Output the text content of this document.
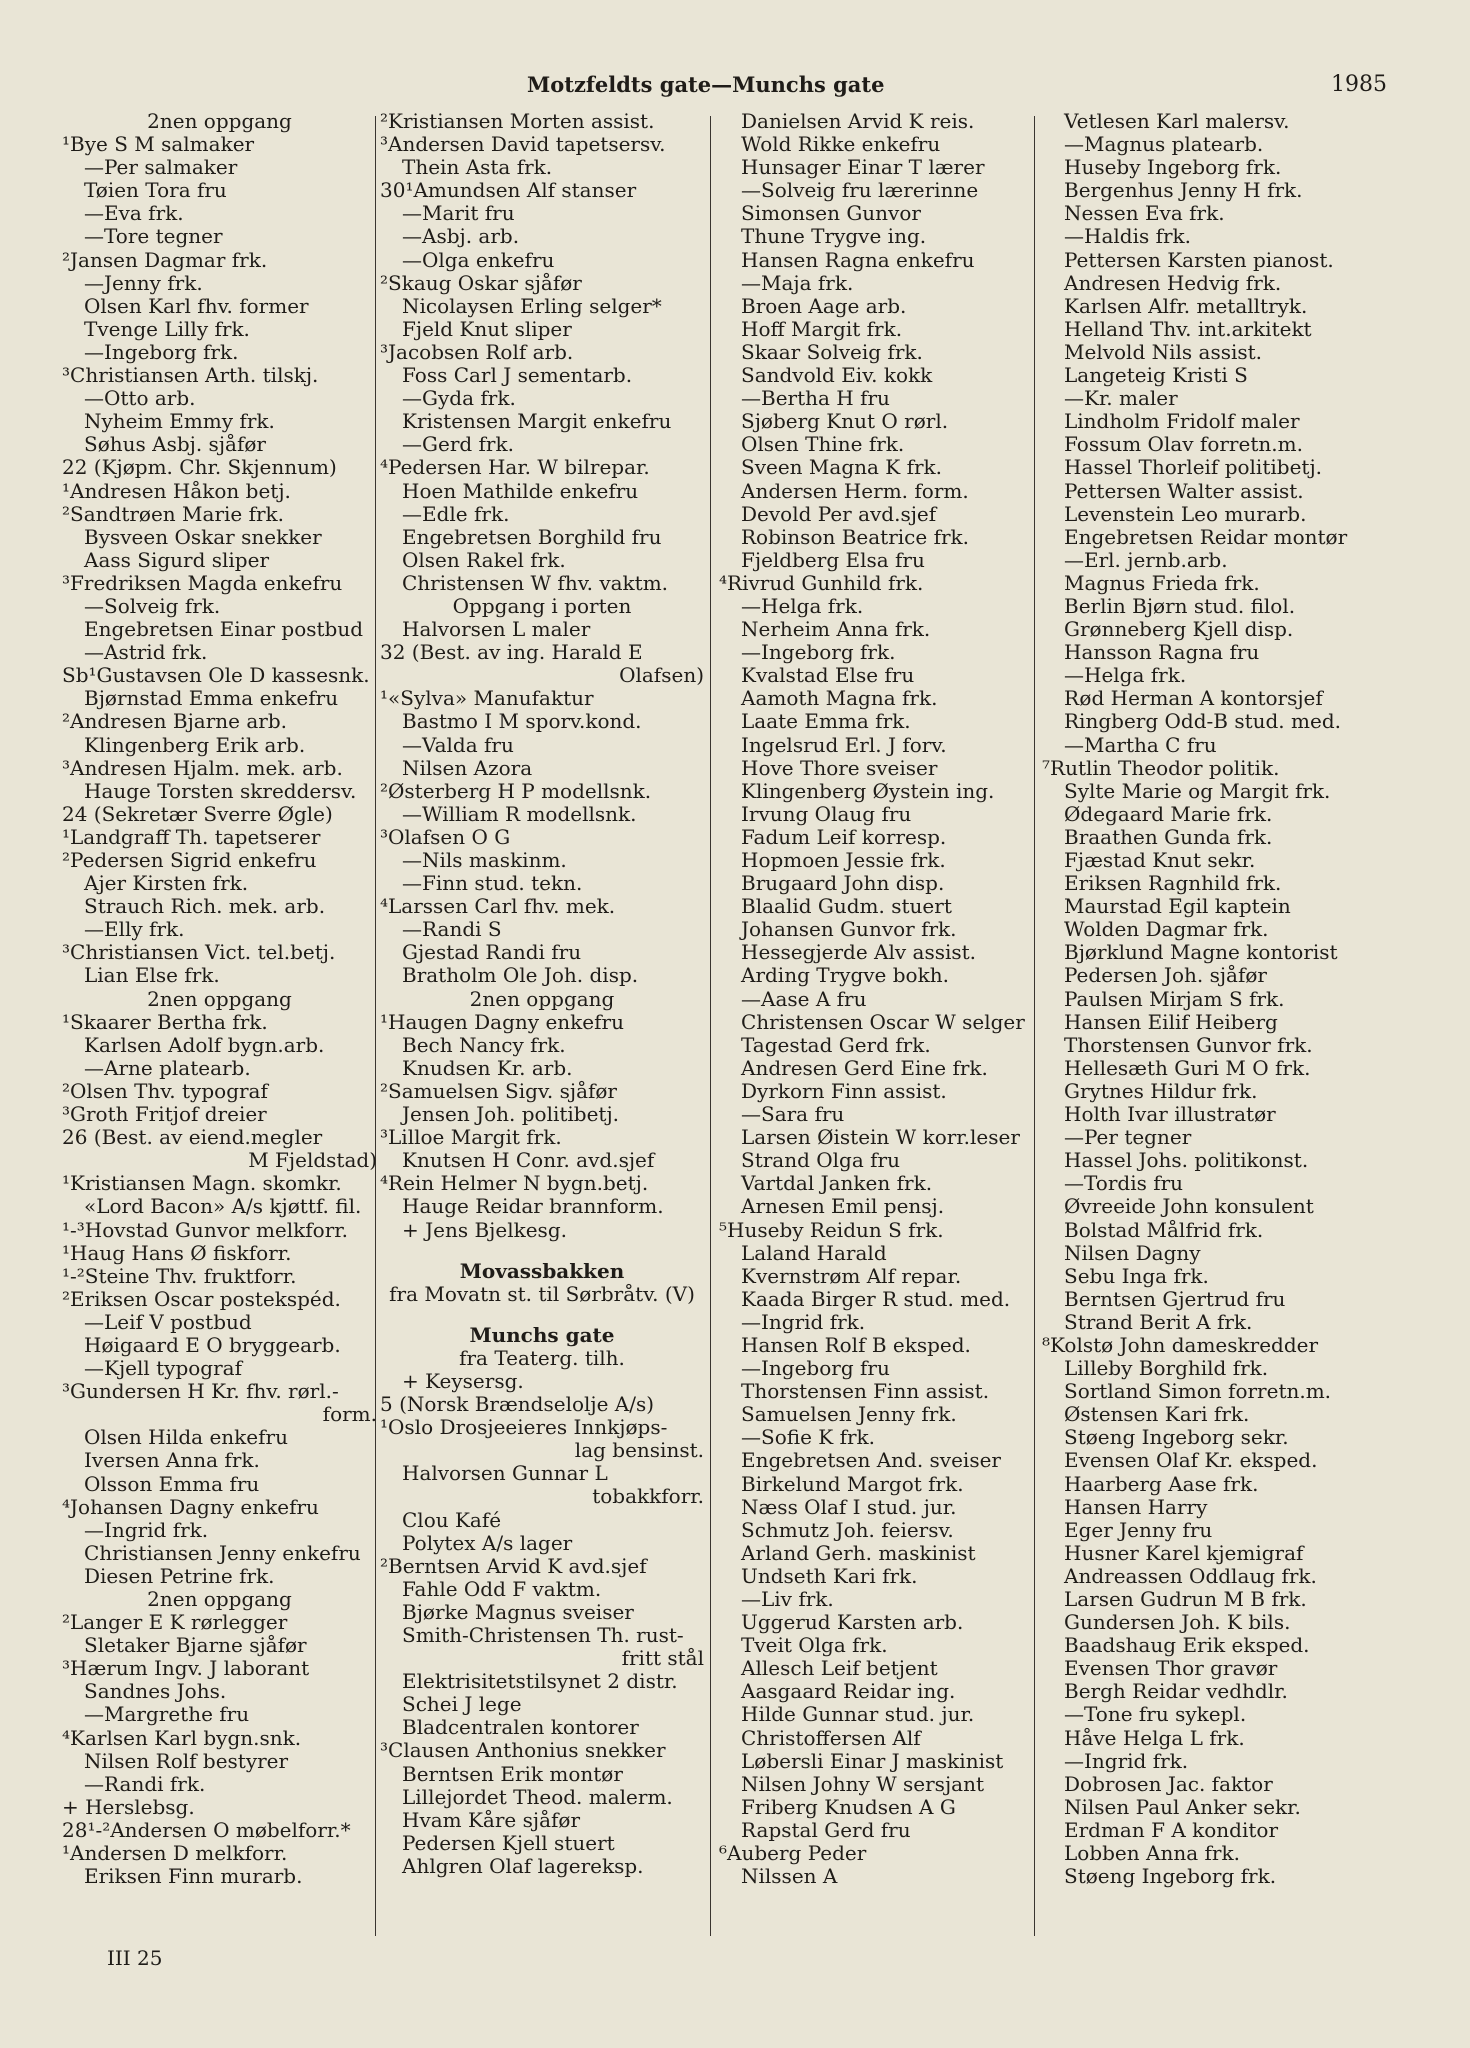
Motzfeldts gate—Munchs gate	1985
2nen oppgang
¹Bye S M salmaker
—Per salmaker
Tøien Tora fru
—Eva frk.
—Tore tegner
²Jansen Dagmar frk.
—Jenny frk.
Olsen Karl fhv. former
Tvenge Lilly frk.
—Ingeborg frk.
³Christiansen Arth. tilskj.
—Otto arb.
Nyheim Emmy frk.
Søhus Asbj. sjåfør
22 (Kjøpm. Chr. Skjennum)
¹Andresen Håkon betj.
²Sandtrøen Marie frk.
Bysveen Oskar snekker
Aass Sigurd sliper
³Fredriksen Magda enkefru
—Solveig frk.
Engebretsen Einar postbud
—Astrid frk.
Sb¹Gustavsen Ole D kassesnk.
Bjørnstad Emma enkefru
²Andresen Bjarne arb.
Klingenberg Erik arb.
³Andresen Hjalm. mek. arb.
Hauge Torsten skreddersv.
24 (Sekretær Sverre Øgle)
¹Landgraff Th. tapetserer
²Pedersen Sigrid enkefru
Ajer Kirsten frk.
Strauch Rich. mek. arb.
—Elly frk.
³Christiansen Vict. tel.betj.
Lian Else frk.
2nen oppgang
¹Skaarer Bertha frk.
Karlsen Adolf bygn.arb.
—Arne platearb.
²Olsen Thv. typograf
³Groth Fritjof dreier
26 (Best. av eiend.megler
M Fjeldstad)
¹Kristiansen Magn. skomkr.
«Lord Bacon» A/s kjøttf. fil.
¹-³Hovstad Gunvor melkforr.
¹Haug Hans Ø fiskforr.
¹-²Steine Thv. fruktforr.
²Eriksen Oscar postekspéd.
—Leif V postbud
Høigaard E O bryggearb.
—Kjell typograf
³Gundersen H Kr. fhv. rørl.-
form.
Olsen Hilda enkefru
Iversen Anna frk.
Olsson Emma fru
⁴Johansen Dagny enkefru
—Ingrid frk.
Christiansen Jenny enkefru
Diesen Petrine frk.
2nen oppgang
²Langer E K rørlegger
Sletaker Bjarne sjåfør
³Hærum Ingv. J laborant
Sandnes Johs.
—Margrethe fru
⁴Karlsen Karl bygn.snk.
Nilsen Rolf bestyrer
—Randi frk.
+ Herslebsg.
28¹-²Andersen O møbelforr.*
¹Andersen D melkforr.
Eriksen Finn murarb.
²Kristiansen Morten assist.
³Andersen David tapetsersv.
Thein Asta frk.
30¹Amundsen Alf stanser
—Marit fru
—Asbj. arb.
—Olga enkefru
²Skaug Oskar sjåfør
Nicolaysen Erling selger*
Fjeld Knut sliper
³Jacobsen Rolf arb.
Foss Carl J sementarb.
—Gyda frk.
Kristensen Margit enkefru
—Gerd frk.
⁴Pedersen Har. W bilrepar.
Hoen Mathilde enkefru
—Edle frk.
Engebretsen Borghild fru
Olsen Rakel frk.
Christensen W fhv. vaktm.
Oppgang i porten
Halvorsen L maler
32 (Best. av ing. Harald E
Olafsen)
¹«Sylva» Manufaktur
Bastmo I M sporv.kond.
—Valda fru
Nilsen Azora
²Østerberg H P modellsnk.
—William R modellsnk.
³Olafsen O G
—Nils maskinm.
—Finn stud. tekn.
⁴Larssen Carl fhv. mek.
—Randi S
Gjestad Randi fru
Bratholm Ole Joh. disp.
2nen oppgang
¹Haugen Dagny enkefru
Bech Nancy frk.
Knudsen Kr. arb.
²Samuelsen Sigv. sjåfør
Jensen Joh. politibetj.
³Lilloe Margit frk.
Knutsen H Conr. avd.sjef
⁴Rein Helmer N bygn.betj.
Hauge Reidar brannform.
+ Jens Bjelkesg.
Movassbakken
fra Movatn st. til Sørbråtv. (V)
Munchs gate
fra Teaterg. tilh.
+ Keysersg.
5 (Norsk Brændselolje A/s)
¹Oslo Drosjeeieres Innkjøps-
lag bensinst.
Halvorsen Gunnar L
tobakkforr.
Clou Kafé
Polytex A/s lager
²Berntsen Arvid K avd.sjef
Fahle Odd F vaktm.
Bjørke Magnus sveiser
Smith-Christensen Th. rust-
fritt stål
Elektrisitetstilsynet 2 distr.
Schei J lege
Bladcentralen kontorer
³Clausen Anthonius snekker
Berntsen Erik montør
Lillejordet Theod. malerm.
Hvam Kåre sjåfør
Pedersen Kjell stuert
Ahlgren Olaf lagereksp.
Danielsen Arvid K reis.
Wold Rikke enkefru
Hunsager Einar T lærer
—Solveig fru lærerinne
Simonsen Gunvor
Thune Trygve ing.
Hansen Ragna enkefru
—Maja frk.
Broen Aage arb.
Hoff Margit frk.
Skaar Solveig frk.
Sandvold Eiv. kokk
—Bertha H fru
Sjøberg Knut O rørl.
Olsen Thine frk.
Sveen Magna K frk.
Andersen Herm. form.
Devold Per avd.sjef
Robinson Beatrice frk.
Fjeldberg Elsa fru
⁴Rivrud Gunhild frk.
—Helga frk.
Nerheim Anna frk.
—Ingeborg frk.
Kvalstad Else fru
Aamoth Magna frk.
Laate Emma frk.
Ingelsrud Erl. J forv.
Hove Thore sveiser
Klingenberg Øystein ing.
Irvung Olaug fru
Fadum Leif korresp.
Hopmoen Jessie frk.
Brugaard John disp.
Blaalid Gudm. stuert
Johansen Gunvor frk.
Hessegjerde Alv assist.
Arding Trygve bokh.
—Aase A fru
Christensen Oscar W selger
Tagestad Gerd frk.
Andresen Gerd Eine frk.
Dyrkorn Finn assist.
—Sara fru
Larsen Øistein W korr.leser
Strand Olga fru
Vartdal Janken frk.
Arnesen Emil pensj.
⁵Huseby Reidun S frk.
Laland Harald
Kvernstrøm Alf repar.
Kaada Birger R stud. med.
—Ingrid frk.
Hansen Rolf B eksped.
—Ingeborg fru
Thorstensen Finn assist.
Samuelsen Jenny frk.
—Sofie K frk.
Engebretsen And. sveiser
Birkelund Margot frk.
Næss Olaf I stud. jur.
Schmutz Joh. feiersv.
Arland Gerh. maskinist
Undseth Kari frk.
—Liv frk.
Uggerud Karsten arb.
Tveit Olga frk.
Allesch Leif betjent
Aasgaard Reidar ing.
Hilde Gunnar stud. jur.
Christoffersen Alf
Løbersli Einar J maskinist
Nilsen Johny W sersjant
Friberg Knudsen A G
Rapstal Gerd fru
⁶Auberg Peder
Nilssen A
Vetlesen Karl malersv.
—Magnus platearb.
Huseby Ingeborg frk.
Bergenhus Jenny H frk.
Nessen Eva frk.
—Haldis frk.
Pettersen Karsten pianost.
Andresen Hedvig frk.
Karlsen Alfr. metalltryk.
Helland Thv. int.arkitekt
Melvold Nils assist.
Langeteig Kristi S
—Kr. maler
Lindholm Fridolf maler
Fossum Olav forretn.m.
Hassel Thorleif politibetj.
Pettersen Walter assist.
Levenstein Leo murarb.
Engebretsen Reidar montør
—Erl. jernb.arb.
Magnus Frieda frk.
Berlin Bjørn stud. filol.
Grønneberg Kjell disp.
Hansson Ragna fru
—Helga frk.
Rød Herman A kontorsjef
Ringberg Odd-B stud. med.
—Martha C fru
⁷Rutlin Theodor politik.
Sylte Marie og Margit frk.
Ødegaard Marie frk.
Braathen Gunda frk.
Fjæstad Knut sekr.
Eriksen Ragnhild frk.
Maurstad Egil kaptein
Wolden Dagmar frk.
Bjørklund Magne kontorist
Pedersen Joh. sjåfør
Paulsen Mirjam S frk.
Hansen Eilif Heiberg
Thorstensen Gunvor frk.
Hellesæth Guri M O frk.
Grytnes Hildur frk.
Holth Ivar illustratør
—Per tegner
Hassel Johs. politikonst.
—Tordis fru
Øvreeide John konsulent
Bolstad Målfrid frk.
Nilsen Dagny
Sebu Inga frk.
Berntsen Gjertrud fru
Strand Berit A frk.
⁸Kolstø John dameskredder
Lilleby Borghild frk.
Sortland Simon forretn.m.
Østensen Kari frk.
Støeng Ingeborg sekr.
Evensen Olaf Kr. eksped.
Haarberg Aase frk.
Hansen Harry
Eger Jenny fru
Husner Karel kjemigraf
Andreassen Oddlaug frk.
Larsen Gudrun M B frk.
Gundersen Joh. K bils.
Baadshaug Erik eksped.
Evensen Thor gravør
Bergh Reidar vedhdlr.
—Tone fru sykepl.
Håve Helga L frk.
—Ingrid frk.
Dobrosen Jac. faktor
Nilsen Paul Anker sekr.
Erdman F A konditor
Lobben Anna frk.
Støeng Ingeborg frk.
III 25
